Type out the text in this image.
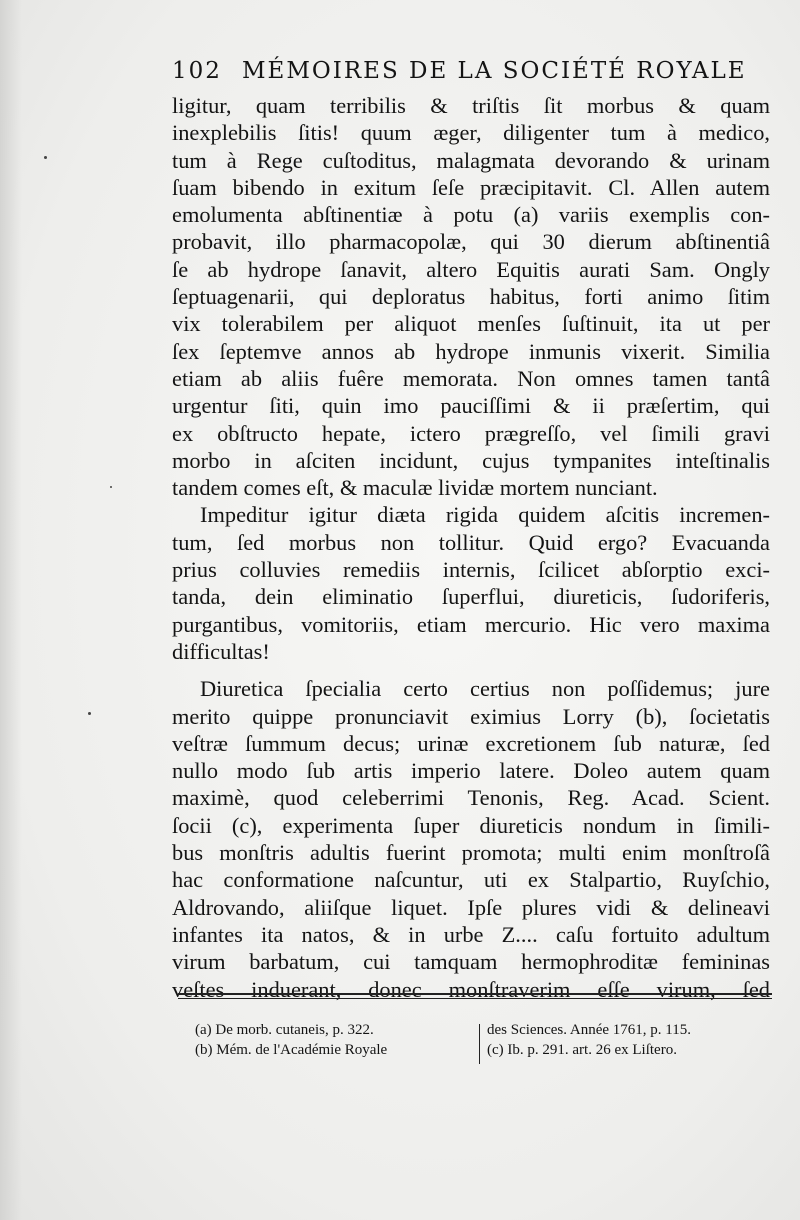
102 MÉMOIRES DE LA SOCIÉTÉ ROYALE
ligitur, quam terribilis & triſtis ſit morbus & quam
inexplebilis ſitis! quum æger, diligenter tum à medico,
tum à Rege cuſtoditus, malagmata devorando & urinam
ſuam bibendo in exitum ſeſe præcipitavit. Cl. Allen autem
emolumenta abſtinentiæ à potu (a) variis exemplis con-
probavit, illo pharmacopolæ, qui 30 dierum abſtinentiâ
ſe ab hydrope ſanavit, altero Equitis aurati Sam. Ongly
ſeptuagenarii, qui deploratus habitus, forti animo ſitim
vix tolerabilem per aliquot menſes ſuſtinuit, ita ut per
ſex ſeptemve annos ab hydrope inmunis vixerit. Similia
etiam ab aliis fuêre memorata. Non omnes tamen tantâ
urgentur ſiti, quin imo pauciſſimi & ii præſertim, qui
ex obſtructo hepate, ictero prægreſſo, vel ſimili gravi
morbo in aſciten incidunt, cujus tympanites inteſtinalis
tandem comes eſt, & maculæ lividæ mortem nunciant.
Impeditur igitur diæta rigida quidem aſcitis incremen-
tum, ſed morbus non tollitur. Quid ergo? Evacuanda
prius colluvies remediis internis, ſcilicet abſorptio exci-
tanda, dein eliminatio ſuperflui, diureticis, ſudoriferis,
purgantibus, vomitoriis, etiam mercurio. Hic vero maxima
difficultas!
Diuretica ſpecialia certo certius non poſſidemus; jure
merito quippe pronunciavit eximius Lorry (b), ſocietatis
veſtræ ſummum decus; urinæ excretionem ſub naturæ, ſed
nullo modo ſub artis imperio latere. Doleo autem quam
maximè, quod celeberrimi Tenonis, Reg. Acad. Scient.
ſocii (c), experimenta ſuper diureticis nondum in ſimili-
bus monſtris adultis fuerint promota; multi enim monſtroſâ
hac conformatione naſcuntur, uti ex Stalpartio, Ruyſchio,
Aldrovando, aliiſque liquet. Ipſe plures vidi & delineavi
infantes ita natos, & in urbe Z.... caſu fortuito adultum
virum barbatum, cui tamquam hermophroditæ femininas
veſtes induerant, donec monſtraverim eſſe virum, ſed
(a) De morb. cutaneis, p. 322.
(b) Mém. de l'Académie Royale
des Sciences. Année 1761, p. 115.
(c) Ib. p. 291. art. 26 ex Liſtero.
